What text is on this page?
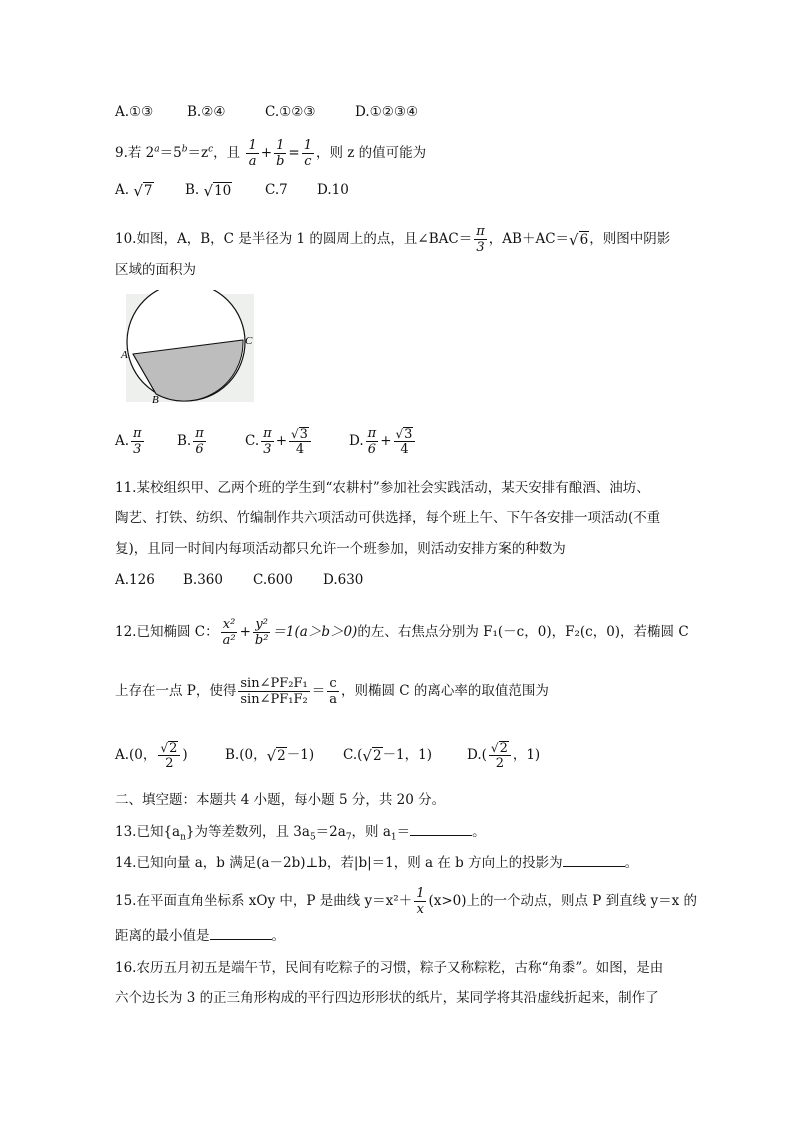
A.①③	B.②④	C.①②③	D.①②③④
9.若 $2^a=5^b=z^c$，且 $\frac{1}{a} + \frac{1}{b} = \frac{1}{c}$ ，则 z 的值可能为
A. √ 7 B. √ 10 C.7 D.10
10.如图，A，B，C 是半径为 1 的圆周上的点，且∠BAC＝ $\frac{\pi}{3}$ ，AB＋AC＝ √ 6 ，则图中阴影
区域的面积为
A
B
C
A. $\frac{\pi}{3} B$. $\frac{\pi}{6}$	C. $\frac{\pi}{3} + \frac{√ 3}{4}$	D. $\frac{\pi}{6} + \frac{√ 3}{4}$
11.某校组织甲、乙两个班的学生到“农耕村”参加社会实践活动，某天安排有酿酒、油坊、
陶艺、打铁、纺织、竹编制作共六项活动可供选择，每个班上午、下午各安排一项活动(不重
复)，且同一时间内每项活动都只允许一个班参加，则活动安排方案的种数为
A.126 B.360 C.600 D.630
12.已知椭圆 C： $\frac{\text{x²}}{\text{a²}} + \frac{\text{y²}}{\text{b²}} =1(a>b>0)$的左、右焦点分别为 F₁(－c，0)，F₂(c，0)，若椭圆 C
上存在一点 P，使得 $\frac{\text{sin∠PF₂F₁}}{\text{sin∠PF₁F₂}} = \frac{c}{a}$ ，则椭圆 C 的离心率的取值范围为
A.(0， $\frac{√ 2}{2}$ )	B.(0， √ 2 －1) C.( √ 2 －1，1)	$D.( \frac{√ 2}{2}$ ，1)
二、填空题：本题共 4 小题，每小题 5 分，共 20 分。
13.已知$\{a_n\}$为等差数列，且 $3a_5=2a_7$，则 $a_1=$	。
14.已知向量 a，b 满足(a－2b)⊥b，若|b|＝1，则 a 在 b 方向上的投影为	。
15.在平面直角坐标系 xOy 中，P 是曲线 $y=x^2+ \frac{1}{x} (x>0)$上的一个动点，则点 P 到直线 y＝x 的
距离的最小值是	。
16.农历五月初五是端午节，民间有吃粽子的习惯，粽子又称粽籺，古称“角黍”。如图，是由
六个边长为 3 的正三角形构成的平行四边形形状的纸片，某同学将其沿虚线折起来，制作了
